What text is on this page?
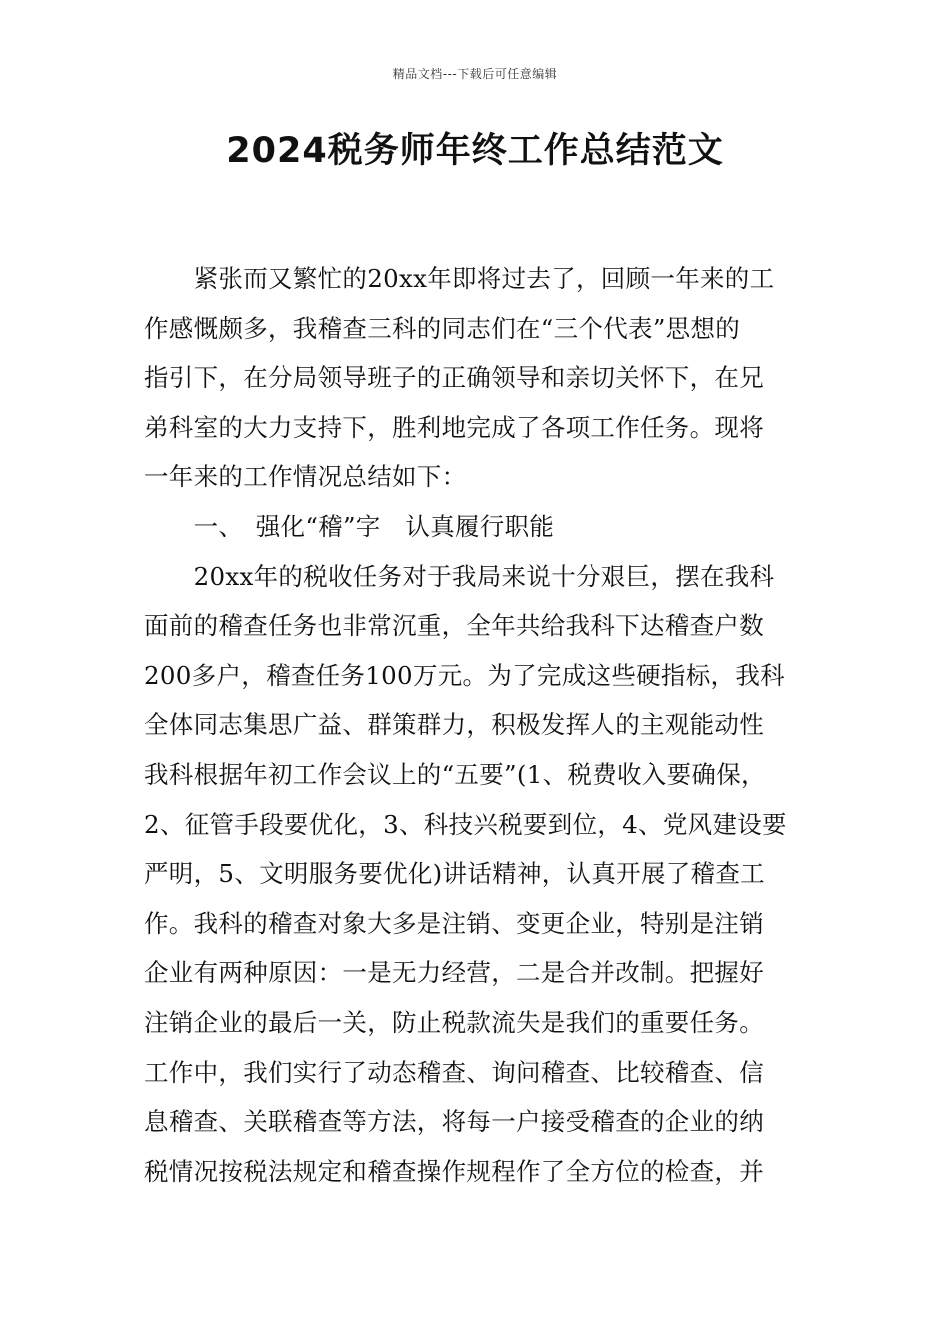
精品文档---下载后可任意编辑
2024税务师年终工作总结范文
　　紧张而又繁忙的20xx年即将过去了，回顾一年来的工
作感慨颇多，我稽查三科的同志们在“三个代表”思想的
指引下，在分局领导班子的正确领导和亲切关怀下，在兄
弟科室的大力支持下，胜利地完成了各项工作任务。现将
一年来的工作情况总结如下：
　　一、　强化“稽”字　认真履行职能
　　20xx年的税收任务对于我局来说十分艰巨，摆在我科
面前的稽查任务也非常沉重，全年共给我科下达稽查户数
200多户，稽查任务100万元。为了完成这些硬指标，我科
全体同志集思广益、群策群力，积极发挥人的主观能动性
我科根据年初工作会议上的“五要”(1、税费收入要确保，
2、征管手段要优化，3、科技兴税要到位，4、党风建设要
严明，5、文明服务要优化)讲话精神，认真开展了稽查工
作。我科的稽查对象大多是注销、变更企业，特别是注销
企业有两种原因：一是无力经营，二是合并改制。把握好
注销企业的最后一关，防止税款流失是我们的重要任务。
工作中，我们实行了动态稽查、询问稽查、比较稽查、信
息稽查、关联稽查等方法，将每一户接受稽查的企业的纳
税情况按税法规定和稽查操作规程作了全方位的检查，并
